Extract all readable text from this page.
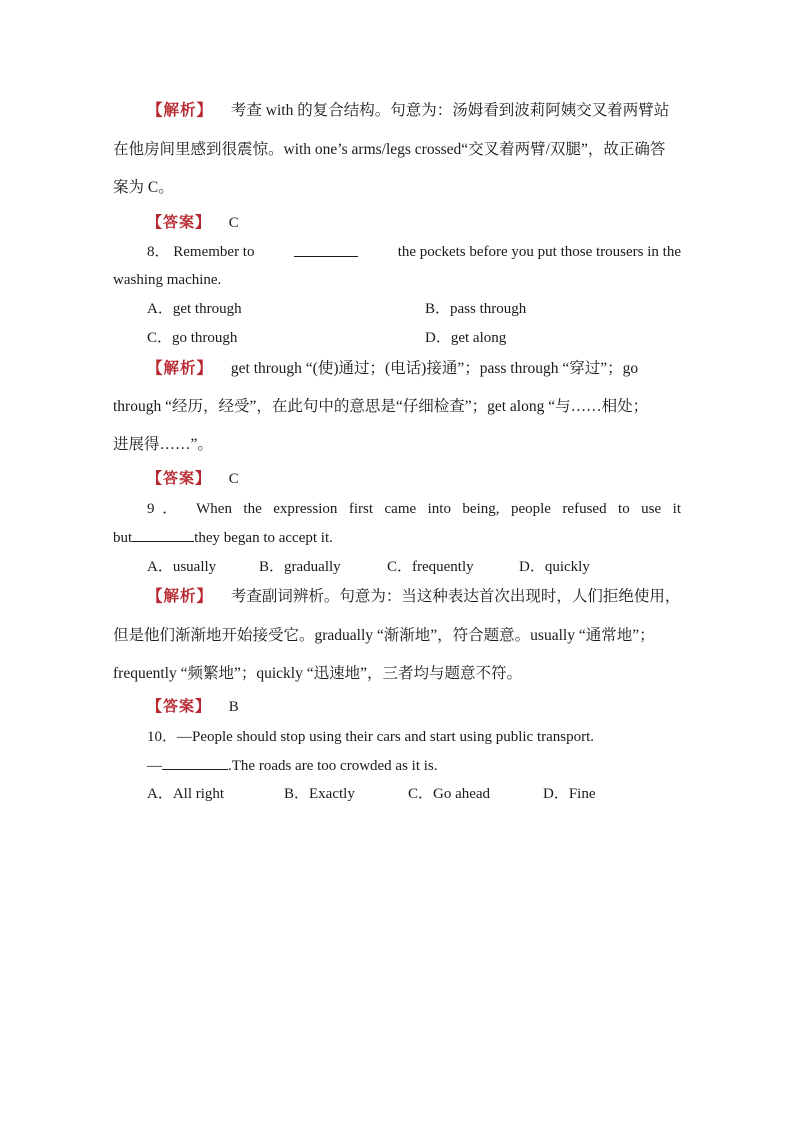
【解析】 考查 with 的复合结构。句意为：汤姆看到波莉阿姨交叉着两臂站
在他房间里感到很震惊。with one’s arms/legs crossed“交叉着两臂/双腿”，故正确答
案为 C。
【答案】 C
8． Remember to	the pockets before you put those trousers in the
washing machine.
A．get through	B．pass through
C．go through	D．get along
【解析】 get through “(使)通过；(电话)接通”；pass through “穿过”；go
through “经历，经受”，在此句中的意思是“仔细检查”；get along “与……相处；
进展得……”。
【答案】 C
9． When the expression first came into being, people refused to use it
but	they began to accept it.
A．usually	B．gradually	C．frequently	D．quickly
【解析】 考查副词辨析。句意为：当这种表达首次出现时，人们拒绝使用，
但是他们渐渐地开始接受它。gradually “渐渐地”，符合题意。usually “通常地”；
frequently “频繁地”；quickly “迅速地”，三者均与题意不符。
【答案】 B
10．—People should stop using their cars and start using public transport.
—	.The roads are too crowded as it is.
A．All right	B．Exactly	C．Go ahead	D．Fine
